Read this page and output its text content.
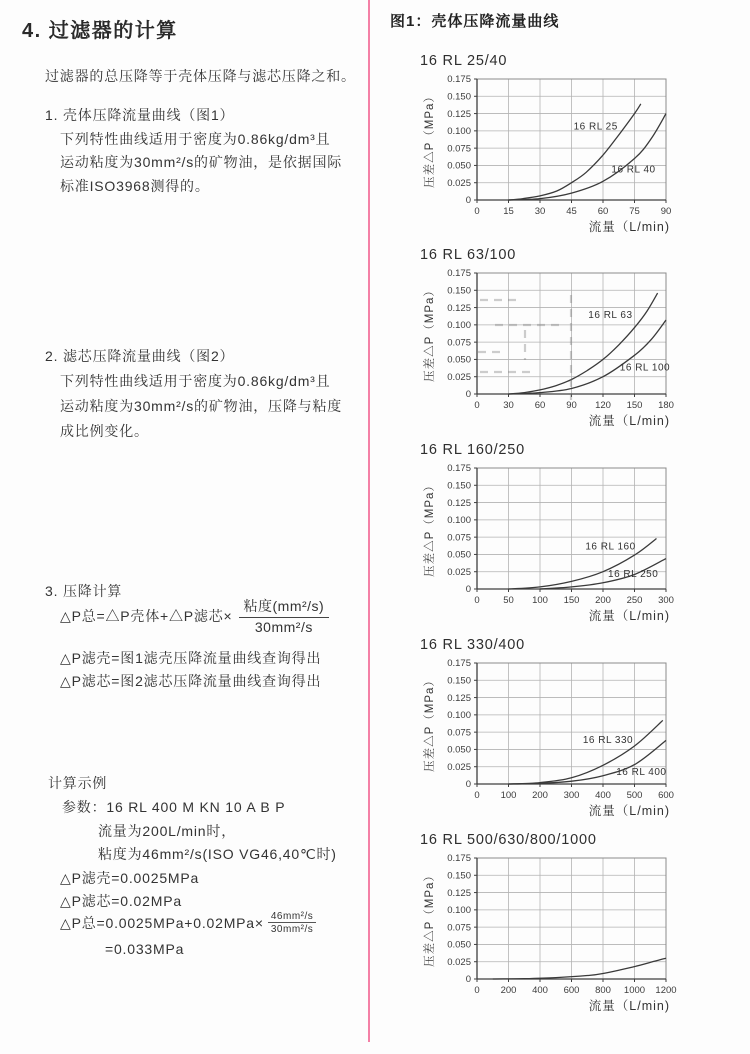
4. 过滤器的计算
过滤器的总压降等于壳体压降与滤芯压降之和。
1. 壳体压降流量曲线（图1）
下列特性曲线适用于密度为0.86kg/dm³且
运动粘度为30mm²/s的矿物油，是依据国际
标准ISO3968测得的。
2. 滤芯压降流量曲线（图2）
下列特性曲线适用于密度为0.86kg/dm³且
运动粘度为30mm²/s的矿物油，压降与粘度
成比例变化。
3. 压降计算
△P总=△P壳体+△P滤芯× $\frac{\text{粘度(mm²/s)}}{\text{30mm²/s}}$
△P滤壳=图1滤壳压降流量曲线查询得出
△P滤芯=图2滤芯压降流量曲线查询得出
计算示例
参数：16 RL 400 M KN 10 A B P
流量为200L/min时，
粘度为46mm²/s(ISO VG46,40℃时)
△P滤壳=0.0025MPa
△P滤芯=0.02MPa
△P总$=0.0025MPa+0.02MPa\times \frac{\text{46mm²/s}}{\text{30mm²/s}}$
=0.033MPa
图1：壳体压降流量曲线
16 RL 25/40
0.175
0.150
0.125
0.100
0.075
0.050
0.025
0
0 15 30 45 60 75 90
压差△P（MPa）
流量（L/min)
16 RL 25
16 RL 40
16 RL 63/100
0.175
0.150
0.125
0.100
0.075
0.050
0.025
0
0 30 60 90 120 150 180
压差△P（MPa）
流量（L/min)
16 RL 63
16 RL 100
16 RL 160/250
0.175
0.150
0.125
0.100
0.075
0.050
0.025
0
0 50 100 150 200 250 300
压差△P（MPa）
流量（L/min)
16 RL 160
16 RL 250
16 RL 330/400
0.175
0.150
0.125
0.100
0.075
0.050
0.025
0
0 100 200 300 400 500 600
压差△P（MPa）
流量（L/min)
16 RL 330
16 RL 400
16 RL 500/630/800/1000
0.175
0.150
0.125
0.100
0.075
0.050
0.025
0
0 200 400 600 800 1000 1200
压差△P（MPa）
流量（L/min)
